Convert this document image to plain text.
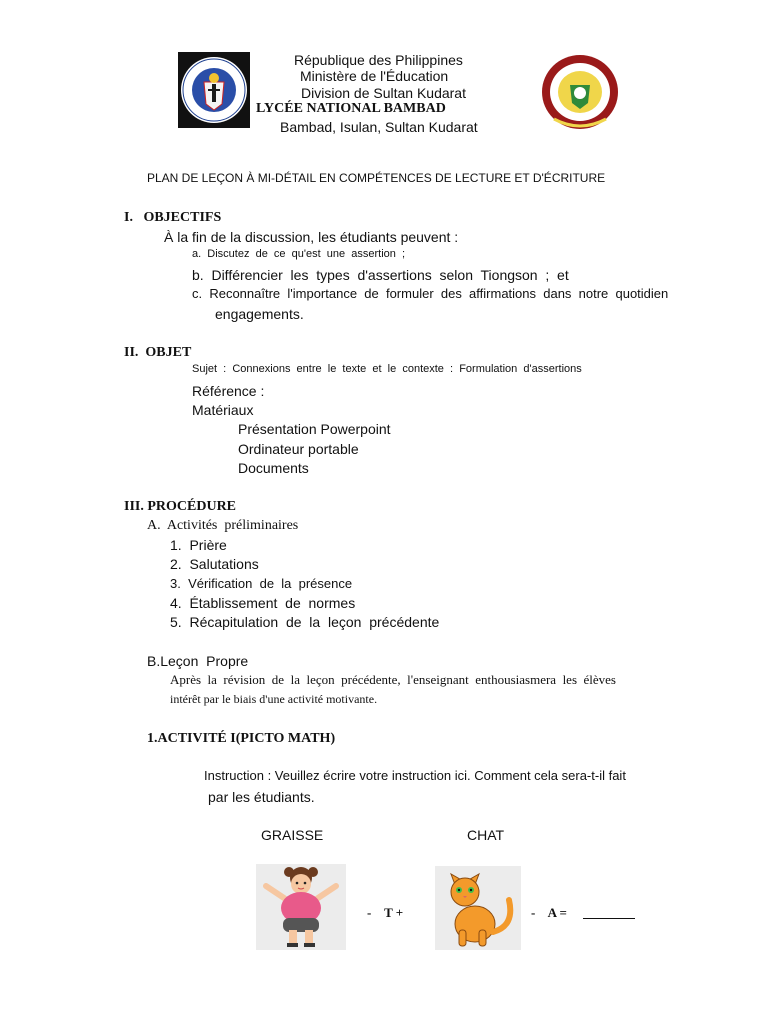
République des Philippines
Ministère de l'Éducation
Division de Sultan Kudarat
LYCÉE NATIONAL BAMBAD
Bambad, Isulan, Sultan Kudarat
PLAN DE LEÇON À MI-DÉTAIL EN COMPÉTENCES DE LECTURE ET D'ÉCRITURE
I.   OBJECTIFS
À la fin de la discussion, les étudiants peuvent :
a.  Discutez  de  ce  qu'est  une  assertion  ;
b.  Différencier  les  types  d'assertions  selon  Tiongson  ;  et
c.  Reconnaître  l'importance  de  formuler  des  affirmations  dans  notre  quotidien
engagements.
II.  OBJET
Sujet  :  Connexions  entre  le  texte  et  le  contexte  :  Formulation  d'assertions
Référence :
Matériaux
Présentation Powerpoint
Ordinateur portable
Documents
III. PROCÉDURE
A.  Activités  préliminaires
1.  Prière
2.  Salutations
3.  Vérification  de  la  présence
4.  Établissement  de  normes
5.  Récapitulation  de  la  leçon  précédente
B.Leçon  Propre
Après  la  révision  de  la  leçon  précédente,  l'enseignant  enthousiasmera  les  élèves
intérêt par le biais d'une activité motivante.
1.ACTIVITÉ I(PICTO MATH)
Instruction : Veuillez écrire votre instruction ici. Comment cela sera-t-il fait
par les étudiants.
GRAISSE	CHAT
-    T +	-    A =
